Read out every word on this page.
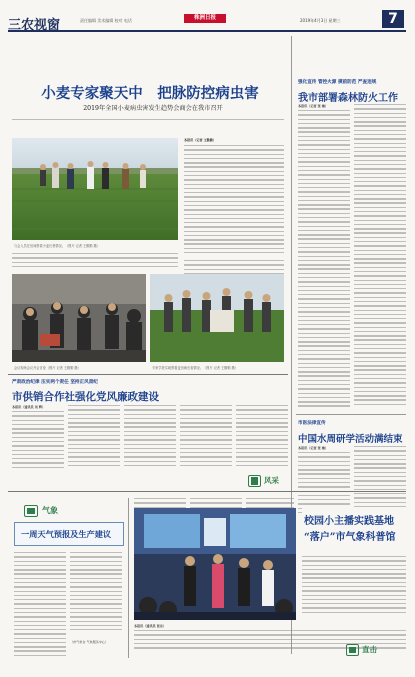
三农视窗	责任编辑 美术编辑 校对 电话	株洲日报	2019年4月3日 星期三	7
小麦专家聚天中　把脉防控病虫害
2019年全国小麦病虫害发生趋势会商会在我市召开
与会人员在田间察看小麦长势情况。（图片 记者 王勤勤 摄）
本报讯（记者 王勤勤）
会议现场会议开会讨论（图片 记者 王勤勤 摄）	专家学者实地察看麦田病虫害情况。（图片 记者 王勤勤 摄）
强化宣传 管控火源 摸前防范 严查违规
我市部署森林防火工作
本报讯（记者 张 楠）
严肃政治纪律 压实两个责任 坚持正风肃纪
市供销合作社强化党风廉政建设
本报讯（通讯员 刘 辉）
市医法律宣传
中国水周研学活动满结束
本报讯（记者 张 楠）
风采
气象
一周天气预报及生产建议
（市气象台 气象服务中心）
校园小主播实践基地
“落户”市气象科普馆
本报讯（通讯员 张东）
直击
